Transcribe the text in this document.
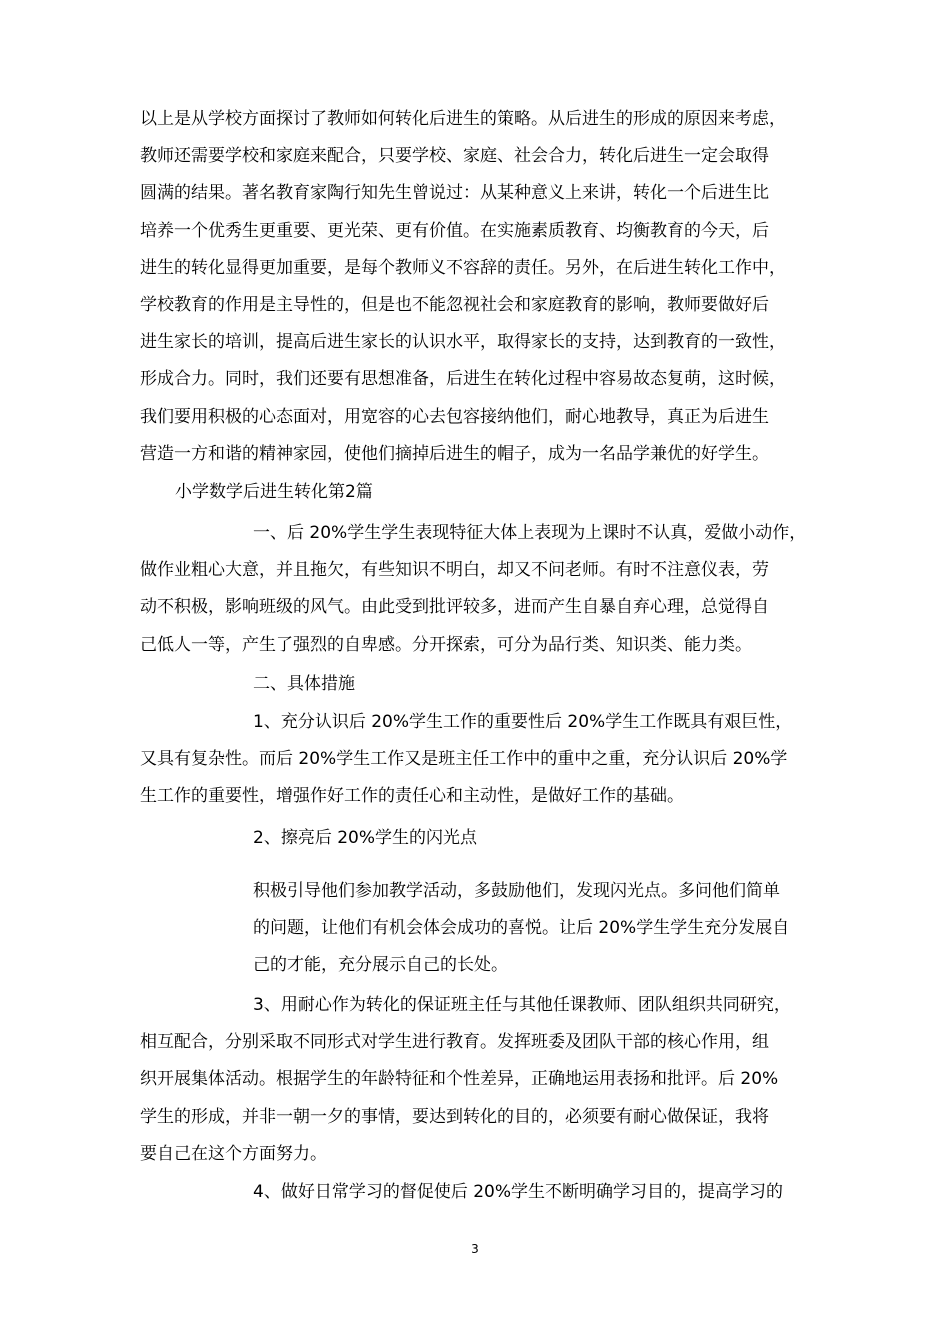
以上是从学校方面探讨了教师如何转化后进生的策略。从后进生的形成的原因来考虑，
教师还需要学校和家庭来配合，只要学校、家庭、社会合力，转化后进生一定会取得
圆满的结果。著名教育家陶行知先生曾说过：从某种意义上来讲，转化一个后进生比
培养一个优秀生更重要、更光荣、更有价值。在实施素质教育、均衡教育的今天，后
进生的转化显得更加重要，是每个教师义不容辞的责任。另外，在后进生转化工作中，
学校教育的作用是主导性的，但是也不能忽视社会和家庭教育的影响，教师要做好后
进生家长的培训，提高后进生家长的认识水平，取得家长的支持，达到教育的一致性，
形成合力。同时，我们还要有思想准备，后进生在转化过程中容易故态复萌，这时候，
我们要用积极的心态面对，用宽容的心去包容接纳他们，耐心地教导，真正为后进生
营造一方和谐的精神家园，使他们摘掉后进生的帽子，成为一名品学兼优的好学生。

小学数学后进生转化第2篇

一、后 20%学生学生表现特征大体上表现为上课时不认真，爱做小动作，
做作业粗心大意，并且拖欠，有些知识不明白，却又不问老师。有时不注意仪表，劳
动不积极，影响班级的风气。由此受到批评较多，进而产生自暴自弃心理，总觉得自
己低人一等，产生了强烈的自卑感。分开探索，可分为品行类、知识类、能力类。

二、具体措施

1、充分认识后 20%学生工作的重要性后 20%学生工作既具有艰巨性，
又具有复杂性。而后 20%学生工作又是班主任工作中的重中之重，充分认识后 20%学
生工作的重要性，增强作好工作的责任心和主动性，是做好工作的基础。

2、擦亮后 20%学生的闪光点

积极引导他们参加教学活动，多鼓励他们，发现闪光点。多问他们简单
的问题，让他们有机会体会成功的喜悦。让后 20%学生学生充分发展自
己的才能，充分展示自己的长处。

3、用耐心作为转化的保证班主任与其他任课教师、团队组织共同研究，
相互配合，分别采取不同形式对学生进行教育。发挥班委及团队干部的核心作用，组
织开展集体活动。根据学生的年龄特征和个性差异，正确地运用表扬和批评。后 20%
学生的形成，并非一朝一夕的事情，要达到转化的目的，必须要有耐心做保证，我将
要自己在这个方面努力。

4、做好日常学习的督促使后 20%学生不断明确学习目的，提高学习的

3
